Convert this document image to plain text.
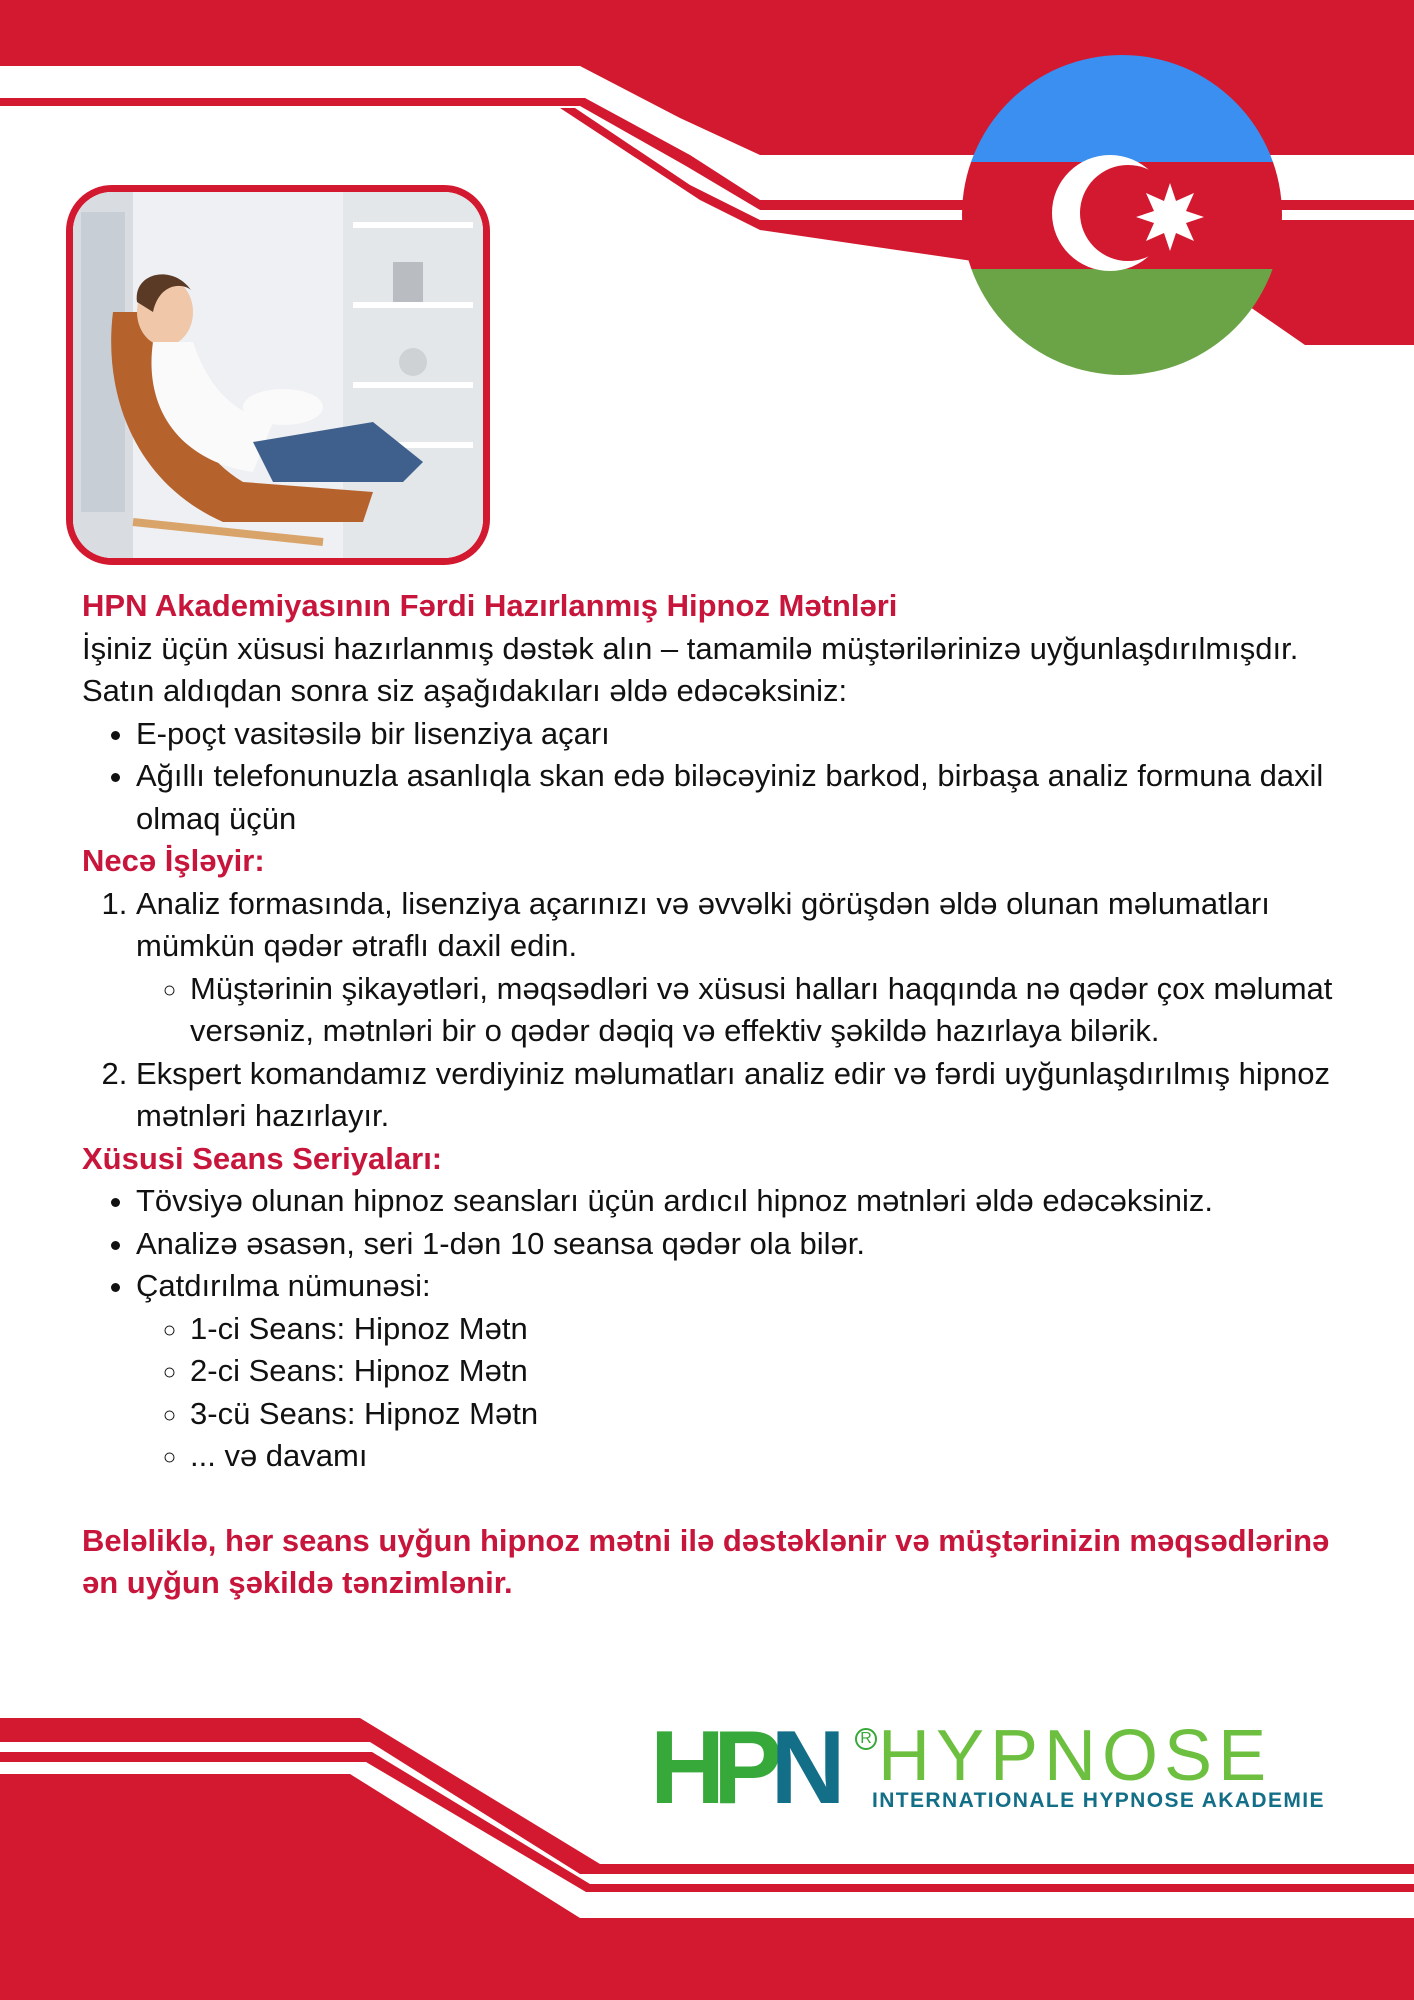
HPN Akademiyasının Fərdi Hazırlanmış Hipnoz Mətnləri

İşiniz üçün xüsusi hazırlanmış dəstək alın – tamamilə müştərilərinizə uyğunlaşdırılmışdır.

Satın aldıqdan sonra siz aşağıdakıları əldə edəcəksiniz:

• E-poçt vasitəsilə bir lisenziya açarı
• Ağıllı telefonunuzla asanlıqla skan edə biləcəyiniz barkod, birbaşa analiz formuna daxil olmaq üçün

Necə İşləyir:

1. Analiz formasında, lisenziya açarınızı və əvvəlki görüşdən əldə olunan məlumatları mümkün qədər ətraflı daxil edin.
◦ Müştərinin şikayətləri, məqsədləri və xüsusi halları haqqında nə qədər çox məlumat versəniz, mətnləri bir o qədər dəqiq və effektiv şəkildə hazırlaya bilərik.
2. Ekspert komandamız verdiyiniz məlumatları analiz edir və fərdi uyğunlaşdırılmış hipnoz mətnləri hazırlayır.

Xüsusi Seans Seriyaları:

• Tövsiyə olunan hipnoz seansları üçün ardıcıl hipnoz mətnləri əldə edəcəksiniz.
• Analizə əsasən, seri 1-dən 10 seansa qədər ola bilər.
• Çatdırılma nümunəsi:
◦ 1-ci Seans: Hipnoz Mətn
◦ 2-ci Seans: Hipnoz Mətn
◦ 3-cü Seans: Hipnoz Mətn
◦ ... və davamı

Beləliklə, hər seans uyğun hipnoz mətni ilə dəstəklənir və müştərinizin məqsədlərinə ən uyğun şəkildə tənzimlənir.

HPN	R HYPNOSE
INTERNATIONALE HYPNOSE AKADEMIE
